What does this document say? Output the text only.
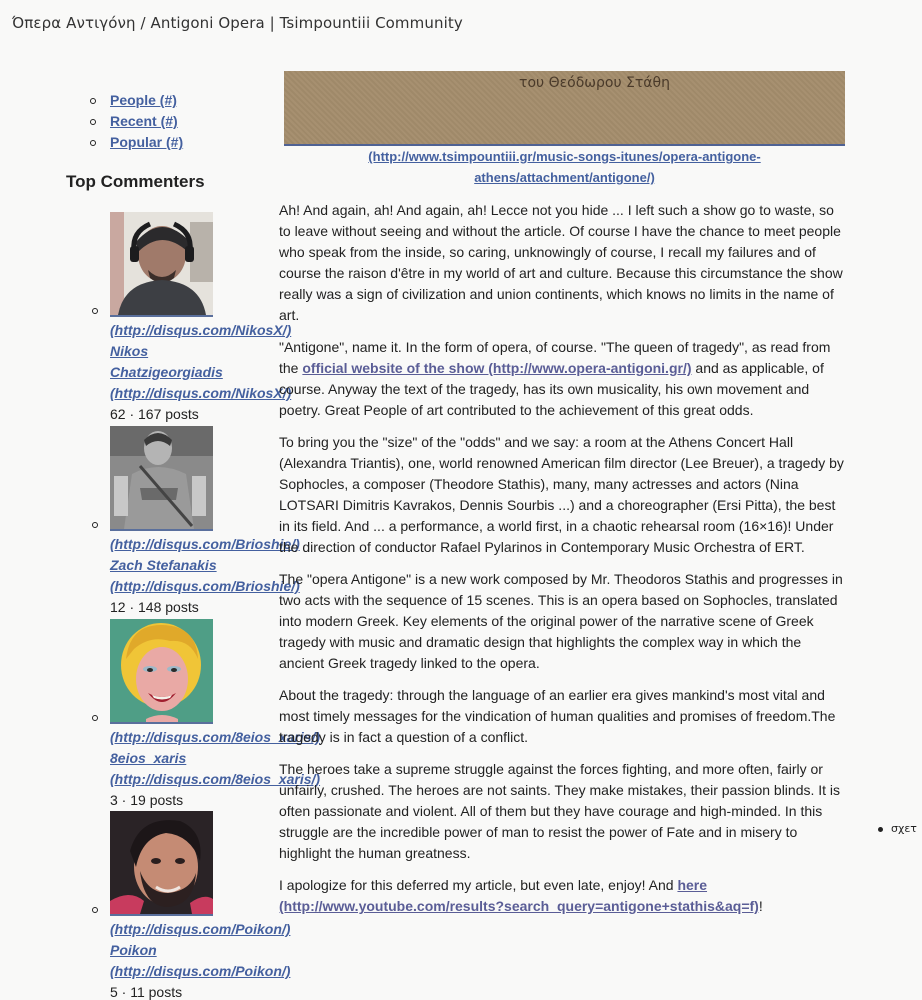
Όπερα Αντιγόνη / Antigoni Opera | Tsimpountiii Community
People (#)
Recent (#)
Popular (#)
Top Commenters
(http://disqus.com/NikosX/)
Nikos
Chatzigeorgiadis
(http://disqus.com/NikosX/)
62 · 167 posts
(http://disqus.com/Brioshie/)
Zach Stefanakis
(http://disqus.com/Brioshie/)
12 · 148 posts
(http://disqus.com/8eios_xaris/)
8eios_xaris
(http://disqus.com/8eios_xaris/)
3 · 19 posts
(http://disqus.com/Poikon/)
Poikon
(http://disqus.com/Poikon/)
5 · 11 posts
του Θεόδωρου Στάθη
(http://www.tsimpountiii.gr/music-songs-itunes/opera-antigone-
athens/attachment/antigone/)

Ah! And again, ah! And again, ah! Lecce not you hide ... I left such a show go to waste, so to leave without seeing and without the article. Of course I have the chance to meet people who speak from the inside, so caring, unknowingly of course, I recall my failures and of course the raison d'être in my world of art and culture. Because this circumstance the show really was a sign of civilization and union continents, which knows no limits in the name of art.

"Antigone", name it. In the form of opera, of course. "The queen of tragedy", as read from the official website of the show (http://www.opera-antigoni.gr/) and as applicable, of course. Anyway the text of the tragedy, has its own musicality, his own movement and poetry. Great People of art contributed to the achievement of this great odds.

To bring you the "size" of the "odds" and we say: a room at the Athens Concert Hall (Alexandra Triantis), one, world renowned American film director (Lee Breuer), a tragedy by Sophocles, a composer (Theodore Stathis), many, many actresses and actors (Nina LOTSARI Dimitris Kavrakos, Dennis Sourbis ...) and a choreographer (Ersi Pitta), the best in its field. And ... a performance, a world first, in a chaotic rehearsal room (16×16)! Under the direction of conductor Rafael Pylarinos in Contemporary Music Orchestra of ERT.

The "opera Antigone" is a new work composed by Mr. Theodoros Stathis and progresses in two acts with the sequence of 15 scenes. This is an opera based on Sophocles, translated into modern Greek. Key elements of the original power of the narrative scene of Greek tragedy with music and dramatic design that highlights the complex way in which the ancient Greek tragedy linked to the opera.

About the tragedy: through the language of an earlier era gives mankind's most vital and most timely messages for the vindication of human qualities and promises of freedom.The tragedy is in fact a question of a conflict.

The heroes take a supreme struggle against the forces fighting, and more often, fairly or unfairly, crushed. The heroes are not saints. They make mistakes, their passion blinds. It is often passionate and violent. All of them but they have courage and high-minded. In this struggle are the incredible power of man to resist the power of Fate and in misery to highlight the human greatness.

I apologize for this deferred my article, but even late, enjoy! And here (http://www.youtube.com/results?search_query=antigone+stathis&aq=f)!

σχετ
